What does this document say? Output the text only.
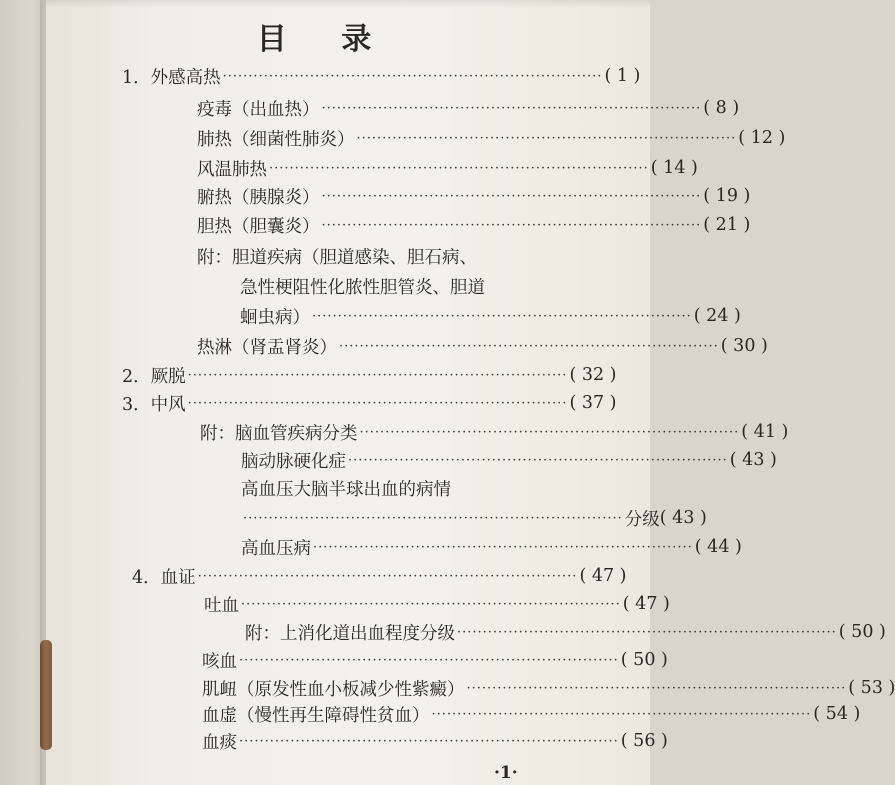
目 录
1．外感高热 ·········································································· ( 1 )
疫毒（出血热） ·········································································· ( 8 )
肺热（细菌性肺炎） ·········································································· ( 12 )
风温肺热 ·········································································· ( 14 )
腑热（胰腺炎） ·········································································· ( 19 )
胆热（胆囊炎） ·········································································· ( 21 )
附：胆道疾病（胆道感染、胆石病、
急性梗阻性化脓性胆管炎、胆道
蛔虫病） ·········································································· ( 24 )
热淋（肾盂肾炎） ·········································································· ( 30 )
2．厥脱 ·········································································· ( 32 )
3．中风 ·········································································· ( 37 )
附：脑血管疾病分类 ·········································································· ( 41 )
脑动脉硬化症 ·········································································· ( 43 )
高血压大脑半球出血的病情
·········································································· 分级 ( 43 )
高血压病 ·········································································· ( 44 )
4．血证 ·········································································· ( 47 )
吐血 ·········································································· ( 47 )
附：上消化道出血程度分级 ·········································································· ( 50 )
咳血 ·········································································· ( 50 )
肌衄（原发性血小板减少性紫癜） ·········································································· ( 53 )
血虚（慢性再生障碍性贫血） ·········································································· ( 54 )
血痰 ·········································································· ( 56 )
·1·
